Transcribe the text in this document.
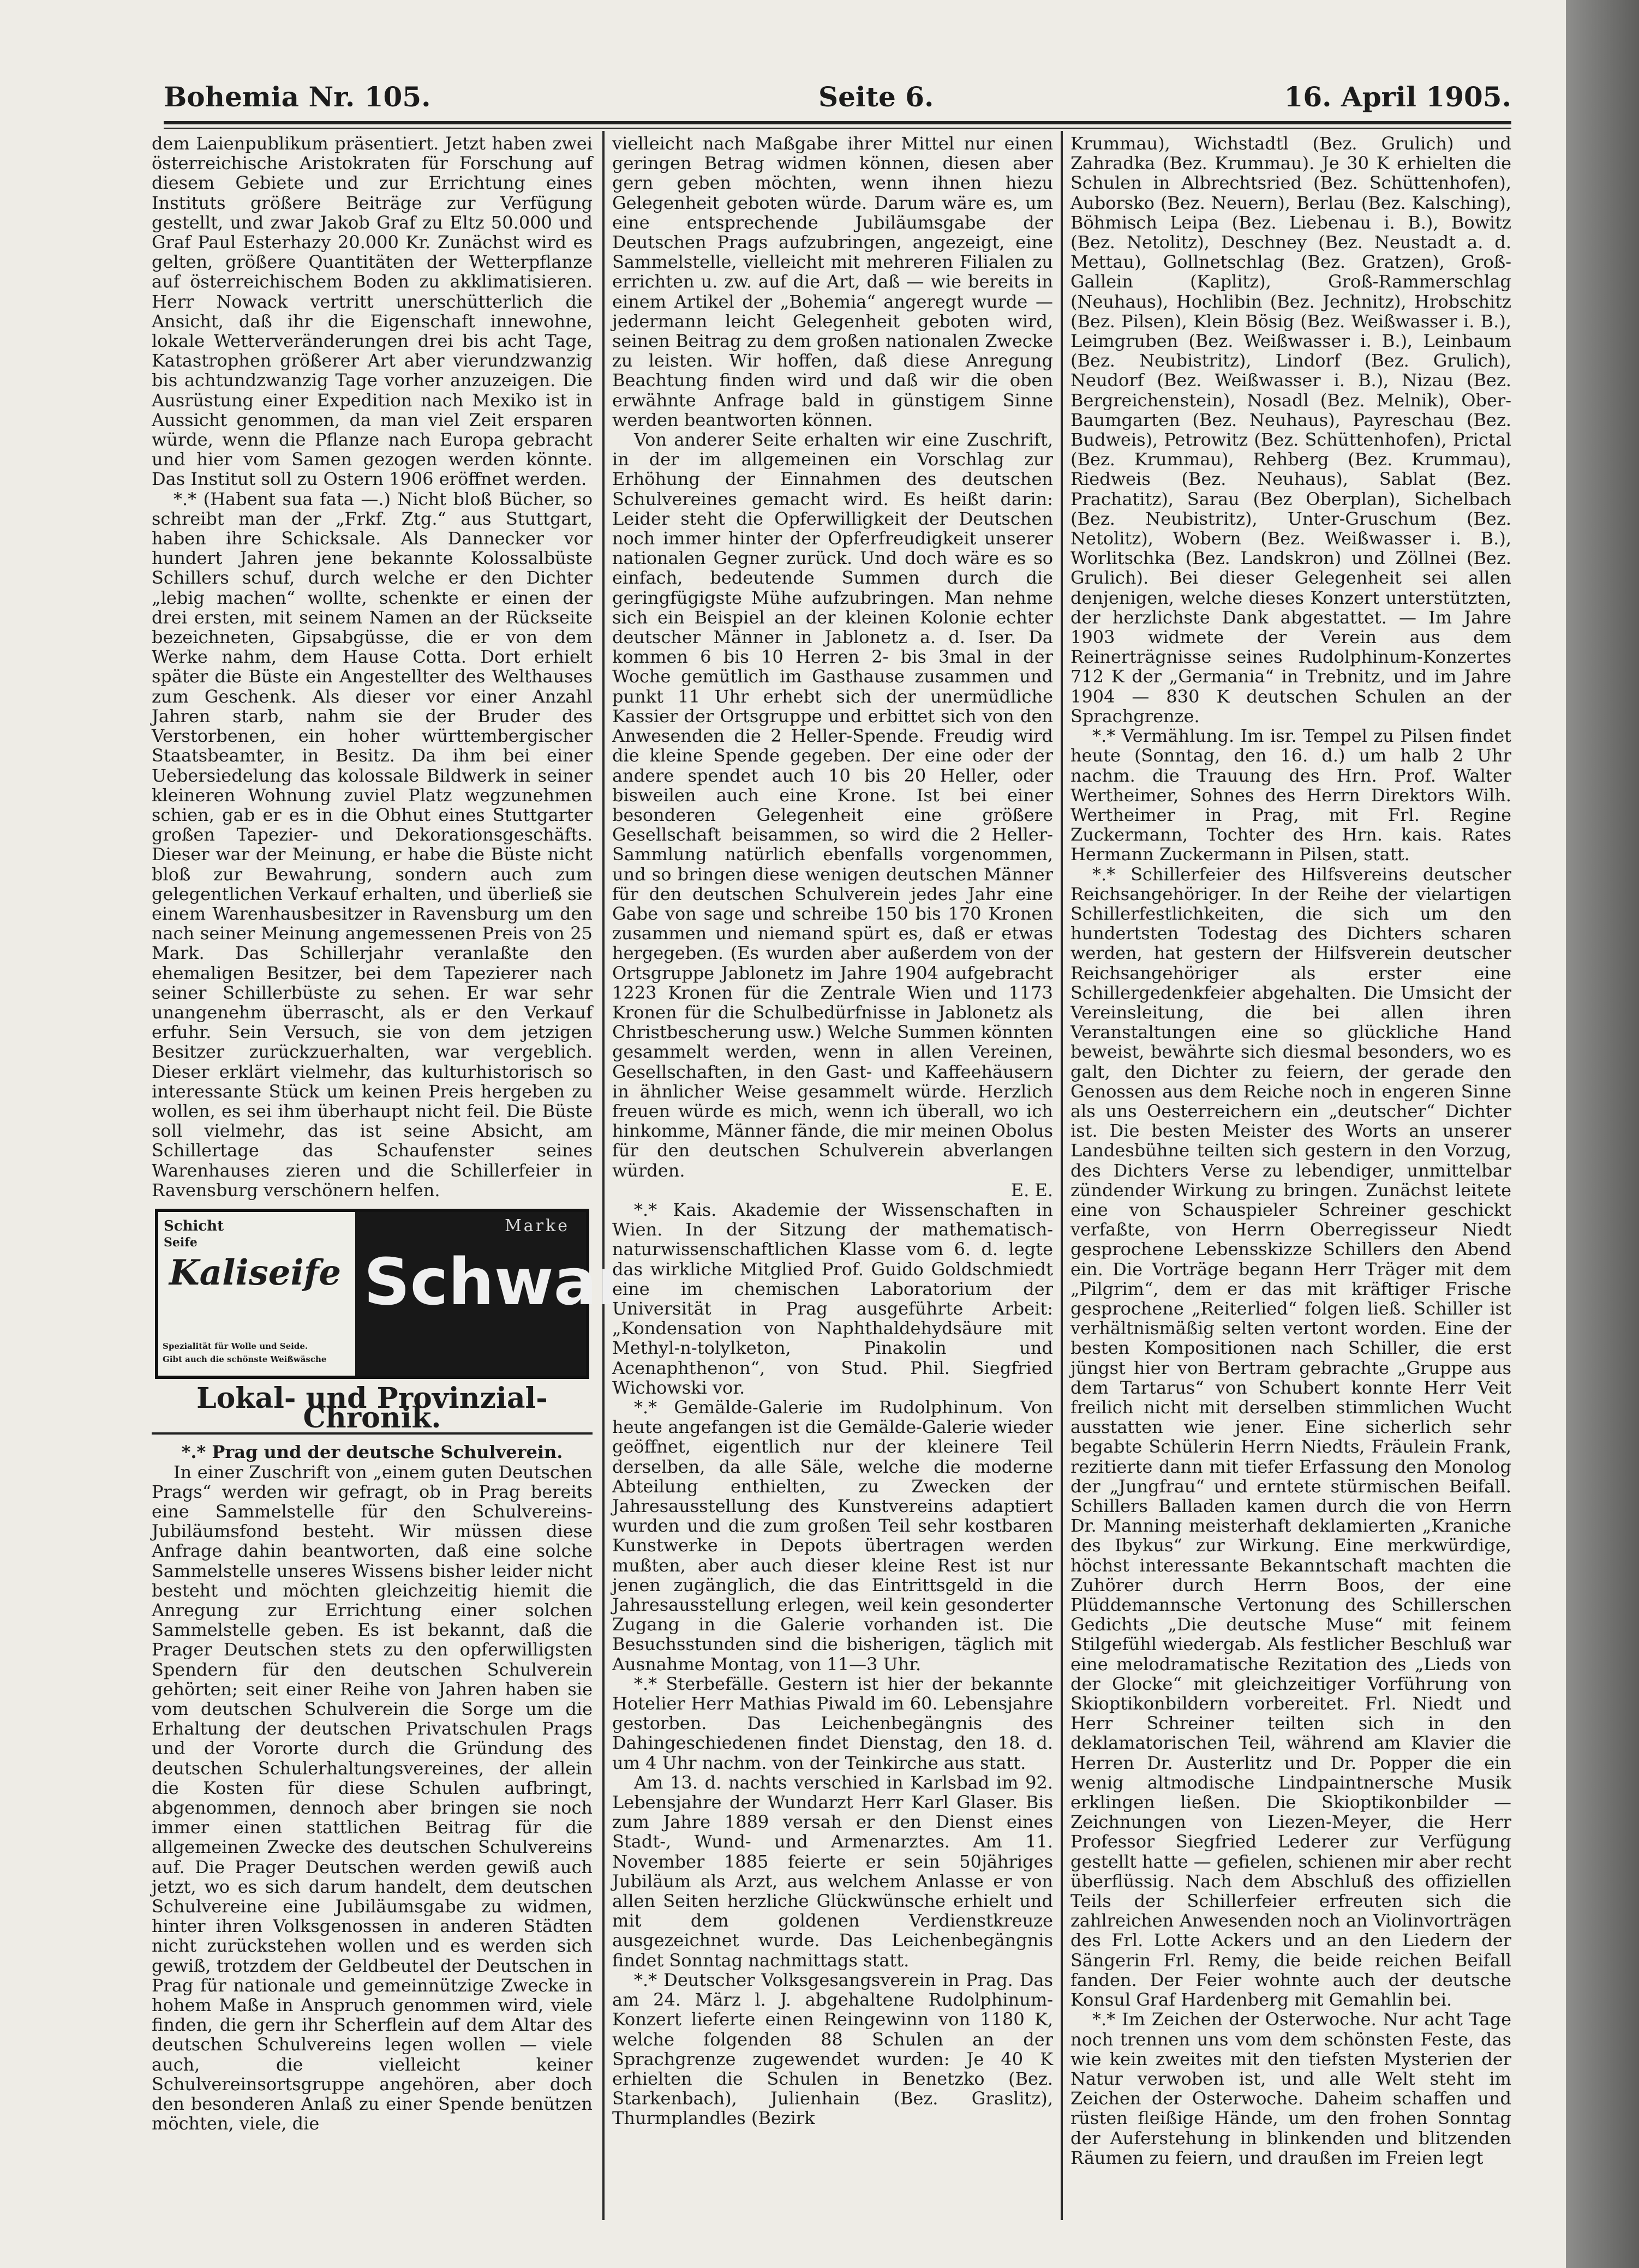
Bohemia Nr. 105.	Seite 6.	16. April 1905.

dem Laienpublikum präsentiert. Jetzt haben zwei österreichische Aristokraten für Forschung auf diesem Gebiete und zur Errichtung eines Instituts größere Beiträge zur Verfügung gestellt, und zwar Jakob Graf zu Eltz 50.000 und Graf Paul Esterhazy 20.000 Kr. Zunächst wird es gelten, größere Quantitäten der Wetterpflanze auf österreichischem Boden zu akklimatisieren. Herr Nowack vertritt unerschütterlich die Ansicht, daß ihr die Eigenschaft innewohne, lokale Wetterveränderungen drei bis acht Tage, Katastrophen größerer Art aber vierundzwanzig bis achtundzwanzig Tage vorher anzuzeigen. Die Ausrüstung einer Expedition nach Mexiko ist in Aussicht genommen, da man viel Zeit ersparen würde, wenn die Pflanze nach Europa gebracht und hier vom Samen gezogen werden könnte. Das Institut soll zu Ostern 1906 eröffnet werden.

*.* (Habent sua fata —.) Nicht bloß Bücher, so schreibt man der „Frkf. Ztg.“ aus Stuttgart, haben ihre Schicksale. Als Dannecker vor hundert Jahren jene bekannte Kolossalbüste Schillers schuf, durch welche er den Dichter „lebig machen“ wollte, schenkte er einen der drei ersten, mit seinem Namen an der Rückseite bezeichneten, Gipsabgüsse, die er von dem Werke nahm, dem Hause Cotta. Dort erhielt später die Büste ein Angestellter des Welthauses zum Geschenk. Als dieser vor einer Anzahl Jahren starb, nahm sie der Bruder des Verstorbenen, ein hoher württembergischer Staatsbeamter, in Besitz. Da ihm bei einer Uebersiedelung das kolossale Bildwerk in seiner kleineren Wohnung zuviel Platz wegzunehmen schien, gab er es in die Obhut eines Stuttgarter großen Tapezier- und Dekorationsgeschäfts. Dieser war der Meinung, er habe die Büste nicht bloß zur Bewahrung, sondern auch zum gelegentlichen Verkauf erhalten, und überließ sie einem Warenhausbesitzer in Ravensburg um den nach seiner Meinung angemessenen Preis von 25 Mark. Das Schillerjahr veranlaßte den ehemaligen Besitzer, bei dem Tapezierer nach seiner Schillerbüste zu sehen. Er war sehr unangenehm überrascht, als er den Verkauf erfuhr. Sein Versuch, sie von dem jetzigen Besitzer zurückzuerhalten, war vergeblich. Dieser erklärt vielmehr, das kulturhistorisch so interessante Stück um keinen Preis hergeben zu wollen, es sei ihm überhaupt nicht feil. Die Büste soll vielmehr, das ist seine Absicht, am Schillertage das Schaufenster seines Warenhauses zieren und die Schillerfeier in Ravensburg verschönern helfen.

Schicht
Seife
Kaliseife
Spezialität für Wolle und Seide.
Gibt auch die schönste Weißwäsche
Marke
Schwan
Lokal- und Provinzial-Chronik.

*.* Prag und der deutsche Schulverein.

In einer Zuschrift von „einem guten Deutschen Prags“ werden wir gefragt, ob in Prag bereits eine Sammelstelle für den Schulvereins-Jubiläumsfond besteht. Wir müssen diese Anfrage dahin beantworten, daß eine solche Sammelstelle unseres Wissens bisher leider nicht besteht und möchten gleichzeitig hiemit die Anregung zur Errichtung einer solchen Sammelstelle geben. Es ist bekannt, daß die Prager Deutschen stets zu den opferwilligsten Spendern für den deutschen Schulverein gehörten; seit einer Reihe von Jahren haben sie vom deutschen Schulverein die Sorge um die Erhaltung der deutschen Privatschulen Prags und der Vororte durch die Gründung des deutschen Schulerhaltungsvereines, der allein die Kosten für diese Schulen aufbringt, abgenommen, dennoch aber bringen sie noch immer einen stattlichen Beitrag für die allgemeinen Zwecke des deutschen Schulvereins auf. Die Prager Deutschen werden gewiß auch jetzt, wo es sich darum handelt, dem deutschen Schulvereine eine Jubiläumsgabe zu widmen, hinter ihren Volksgenossen in anderen Städten nicht zurückstehen wollen und es werden sich gewiß, trotzdem der Geldbeutel der Deutschen in Prag für nationale und gemeinnützige Zwecke in hohem Maße in Anspruch genommen wird, viele finden, die gern ihr Scherflein auf dem Altar des deutschen Schulvereins legen wollen — viele auch, die vielleicht keiner Schulvereinsortsgruppe angehören, aber doch den besonderen Anlaß zu einer Spende benützen möchten, viele, die

vielleicht nach Maßgabe ihrer Mittel nur einen geringen Betrag widmen können, diesen aber gern geben möchten, wenn ihnen hiezu Gelegenheit geboten würde. Darum wäre es, um eine entsprechende Jubiläumsgabe der Deutschen Prags aufzubringen, angezeigt, eine Sammelstelle, vielleicht mit mehreren Filialen zu errichten u. zw. auf die Art, daß — wie bereits in einem Artikel der „Bohemia“ angeregt wurde — jedermann leicht Gelegenheit geboten wird, seinen Beitrag zu dem großen nationalen Zwecke zu leisten. Wir hoffen, daß diese Anregung Beachtung finden wird und daß wir die oben erwähnte Anfrage bald in günstigem Sinne werden beantworten können.

Von anderer Seite erhalten wir eine Zuschrift, in der im allgemeinen ein Vorschlag zur Erhöhung der Einnahmen des deutschen Schulvereines gemacht wird. Es heißt darin: Leider steht die Opferwilligkeit der Deutschen noch immer hinter der Opferfreudigkeit unserer nationalen Gegner zurück. Und doch wäre es so einfach, bedeutende Summen durch die geringfügigste Mühe aufzubringen. Man nehme sich ein Beispiel an der kleinen Kolonie echter deutscher Männer in Jablonetz a. d. Iser. Da kommen 6 bis 10 Herren 2- bis 3mal in der Woche gemütlich im Gasthause zusammen und punkt 11 Uhr erhebt sich der unermüdliche Kassier der Ortsgruppe und erbittet sich von den Anwesenden die 2 Heller-Spende. Freudig wird die kleine Spende gegeben. Der eine oder der andere spendet auch 10 bis 20 Heller, oder bisweilen auch eine Krone. Ist bei einer besonderen Gelegenheit eine größere Gesellschaft beisammen, so wird die 2 Heller-Sammlung natürlich ebenfalls vorgenommen, und so bringen diese wenigen deutschen Männer für den deutschen Schulverein jedes Jahr eine Gabe von sage und schreibe 150 bis 170 Kronen zusammen und niemand spürt es, daß er etwas hergegeben. (Es wurden aber außerdem von der Ortsgruppe Jablonetz im Jahre 1904 aufgebracht 1223 Kronen für die Zentrale Wien und 1173 Kronen für die Schulbedürfnisse in Jablonetz als Christbescherung usw.) Welche Summen könnten gesammelt werden, wenn in allen Vereinen, Gesellschaften, in den Gast- und Kaffeehäusern in ähnlicher Weise gesammelt würde. Herzlich freuen würde es mich, wenn ich überall, wo ich hinkomme, Männer fände, die mir meinen Obolus für den deutschen Schulverein abverlangen würden.

E. E.

*.* Kais. Akademie der Wissenschaften in Wien. In der Sitzung der mathematisch-naturwissenschaftlichen Klasse vom 6. d. legte das wirkliche Mitglied Prof. Guido Goldschmiedt eine im chemischen Laboratorium der Universität in Prag ausgeführte Arbeit: „Kondensation von Naphthaldehydsäure mit Methyl-n-tolylketon, Pinakolin und Acenaphthenon“, von Stud. Phil. Siegfried Wichowski vor.

*.* Gemälde-Galerie im Rudolphinum. Von heute angefangen ist die Gemälde-Galerie wieder geöffnet, eigentlich nur der kleinere Teil derselben, da alle Säle, welche die moderne Abteilung enthielten, zu Zwecken der Jahresausstellung des Kunstvereins adaptiert wurden und die zum großen Teil sehr kostbaren Kunstwerke in Depots übertragen werden mußten, aber auch dieser kleine Rest ist nur jenen zugänglich, die das Eintrittsgeld in die Jahresausstellung erlegen, weil kein gesonderter Zugang in die Galerie vorhanden ist. Die Besuchsstunden sind die bisherigen, täglich mit Ausnahme Montag, von 11—3 Uhr.

*.* Sterbefälle. Gestern ist hier der bekannte Hotelier Herr Mathias Piwald im 60. Lebensjahre gestorben. Das Leichenbegängnis des Dahingeschiedenen findet Dienstag, den 18. d. um 4 Uhr nachm. von der Teinkirche aus statt.

Am 13. d. nachts verschied in Karlsbad im 92. Lebensjahre der Wundarzt Herr Karl Glaser. Bis zum Jahre 1889 versah er den Dienst eines Stadt-, Wund- und Armenarztes. Am 11. November 1885 feierte er sein 50jähriges Jubiläum als Arzt, aus welchem Anlasse er von allen Seiten herzliche Glückwünsche erhielt und mit dem goldenen Verdienstkreuze ausgezeichnet wurde. Das Leichenbegängnis findet Sonntag nachmittags statt.

*.* Deutscher Volksgesangsverein in Prag. Das am 24. März l. J. abgehaltene Rudolphinum-Konzert lieferte einen Reingewinn von 1180 K, welche folgenden 88 Schulen an der Sprachgrenze zugewendet wurden: Je 40 K erhielten die Schulen in Benetzko (Bez. Starkenbach), Julienhain (Bez. Graslitz), Thurmplandles (Bezirk

Krummau), Wichstadtl (Bez. Grulich) und Zahradka (Bez. Krummau). Je 30 K erhielten die Schulen in Albrechtsried (Bez. Schüttenhofen), Auborsko (Bez. Neuern), Berlau (Bez. Kalsching), Böhmisch Leipa (Bez. Liebenau i. B.), Bowitz (Bez. Netolitz), Deschney (Bez. Neustadt a. d. Mettau), Gollnetschlag (Bez. Gratzen), Groß-Gallein (Kaplitz), Groß-Rammerschlag (Neuhaus), Hochlibin (Bez. Jechnitz), Hrobschitz (Bez. Pilsen), Klein Bösig (Bez. Weißwasser i. B.), Leimgruben (Bez. Weißwasser i. B.), Leinbaum (Bez. Neubistritz), Lindorf (Bez. Grulich), Neudorf (Bez. Weißwasser i. B.), Nizau (Bez. Bergreichenstein), Nosadl (Bez. Melnik), Ober-Baumgarten (Bez. Neuhaus), Payreschau (Bez. Budweis), Petrowitz (Bez. Schüttenhofen), Prictal (Bez. Krummau), Rehberg (Bez. Krummau), Riedweis (Bez. Neuhaus), Sablat (Bez. Prachatitz), Sarau (Bez Oberplan), Sichelbach (Bez. Neubistritz), Unter-Gruschum (Bez. Netolitz), Wobern (Bez. Weißwasser i. B.), Worlitschka (Bez. Landskron) und Zöllnei (Bez. Grulich). Bei dieser Gelegenheit sei allen denjenigen, welche dieses Konzert unterstützten, der herzlichste Dank abgestattet. — Im Jahre 1903 widmete der Verein aus dem Reinerträgnisse seines Rudolphinum-Konzertes 712 K der „Germania“ in Trebnitz, und im Jahre 1904 — 830 K deutschen Schulen an der Sprachgrenze.

*.* Vermählung. Im isr. Tempel zu Pilsen findet heute (Sonntag, den 16. d.) um halb 2 Uhr nachm. die Trauung des Hrn. Prof. Walter Wertheimer, Sohnes des Herrn Direktors Wilh. Wertheimer in Prag, mit Frl. Regine Zuckermann, Tochter des Hrn. kais. Rates Hermann Zuckermann in Pilsen, statt.

*.* Schillerfeier des Hilfsvereins deutscher Reichsangehöriger. In der Reihe der vielartigen Schillerfestlichkeiten, die sich um den hundertsten Todestag des Dichters scharen werden, hat gestern der Hilfsverein deutscher Reichsangehöriger als erster eine Schillergedenkfeier abgehalten. Die Umsicht der Vereinsleitung, die bei allen ihren Veranstaltungen eine so glückliche Hand beweist, bewährte sich diesmal besonders, wo es galt, den Dichter zu feiern, der gerade den Genossen aus dem Reiche noch in engeren Sinne als uns Oesterreichern ein „deutscher“ Dichter ist. Die besten Meister des Worts an unserer Landesbühne teilten sich gestern in den Vorzug, des Dichters Verse zu lebendiger, unmittelbar zündender Wirkung zu bringen. Zunächst leitete eine von Schauspieler Schreiner geschickt verfaßte, von Herrn Oberregisseur Niedt gesprochene Lebensskizze Schillers den Abend ein. Die Vorträge begann Herr Träger mit dem „Pilgrim“, dem er das mit kräftiger Frische gesprochene „Reiterlied“ folgen ließ. Schiller ist verhältnismäßig selten vertont worden. Eine der besten Kompositionen nach Schiller, die erst jüngst hier von Bertram gebrachte „Gruppe aus dem Tartarus“ von Schubert konnte Herr Veit freilich nicht mit derselben stimmlichen Wucht ausstatten wie jener. Eine sicherlich sehr begabte Schülerin Herrn Niedts, Fräulein Frank, rezitierte dann mit tiefer Erfassung den Monolog der „Jungfrau“ und erntete stürmischen Beifall. Schillers Balladen kamen durch die von Herrn Dr. Manning meisterhaft deklamierten „Kraniche des Ibykus“ zur Wirkung. Eine merkwürdige, höchst interessante Bekanntschaft machten die Zuhörer durch Herrn Boos, der eine Plüddemannsche Vertonung des Schillerschen Gedichts „Die deutsche Muse“ mit feinem Stilgefühl wiedergab. Als festlicher Beschluß war eine melodramatische Rezitation des „Lieds von der Glocke“ mit gleichzeitiger Vorführung von Skioptikonbildern vorbereitet. Frl. Niedt und Herr Schreiner teilten sich in den deklamatorischen Teil, während am Klavier die Herren Dr. Austerlitz und Dr. Popper die ein wenig altmodische Lindpaintnersche Musik erklingen ließen. Die Skioptikonbilder — Zeichnungen von Liezen-Meyer, die Herr Professor Siegfried Lederer zur Verfügung gestellt hatte — gefielen, schienen mir aber recht überflüssig. Nach dem Abschluß des offiziellen Teils der Schillerfeier erfreuten sich die zahlreichen Anwesenden noch an Violinvorträgen des Frl. Lotte Ackers und an den Liedern der Sängerin Frl. Remy, die beide reichen Beifall fanden. Der Feier wohnte auch der deutsche Konsul Graf Hardenberg mit Gemahlin bei.

*.* Im Zeichen der Osterwoche. Nur acht Tage noch trennen uns vom dem schönsten Feste, das wie kein zweites mit den tiefsten Mysterien der Natur verwoben ist, und alle Welt steht im Zeichen der Osterwoche. Daheim schaffen und rüsten fleißige Hände, um den frohen Sonntag der Auferstehung in blinkenden und blitzenden Räumen zu feiern, und draußen im Freien legt
